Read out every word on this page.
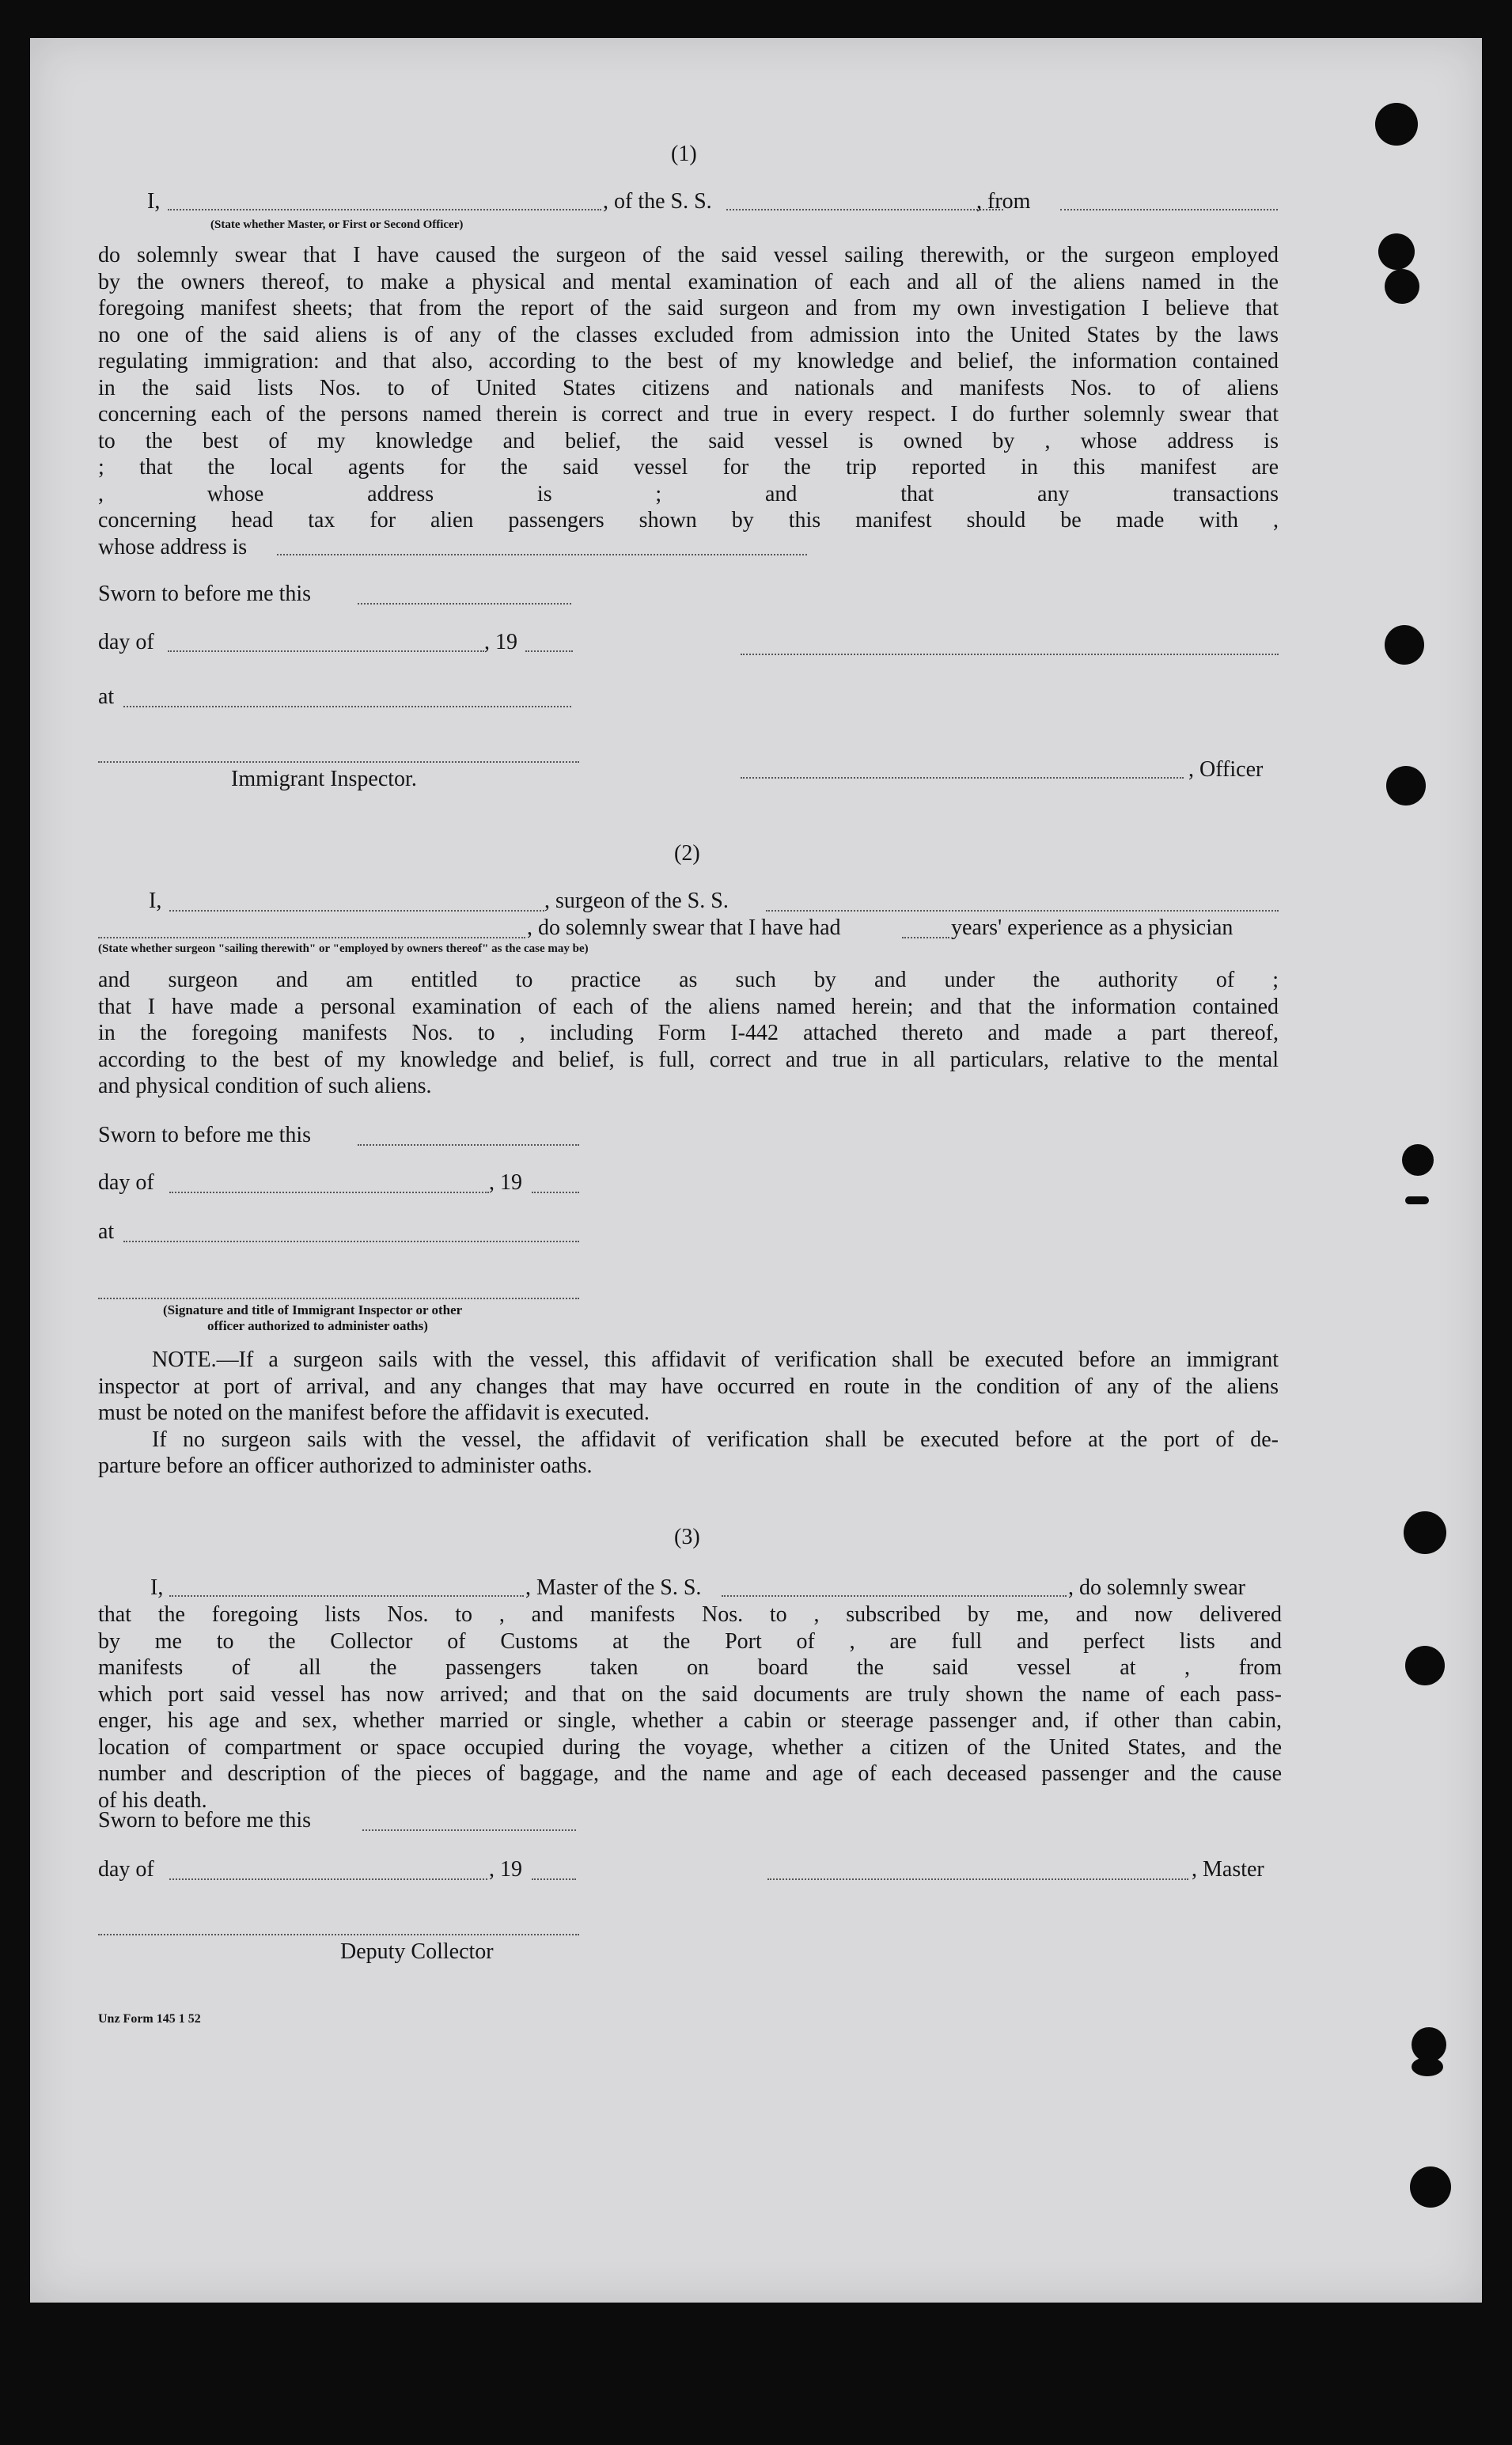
(1)
I,	, of the S. S.	, from
(State whether Master, or First or Second Officer)
do solemnly swear that I have caused the surgeon of the said vessel sailing therewith, or the surgeon employed
by the owners thereof, to make a physical and mental examination of each and all of the aliens named in the
foregoing manifest sheets; that from the report of the said surgeon and from my own investigation I believe that
no one of the said aliens is of any of the classes excluded from admission into the United States by the laws
regulating immigration: and that also, according to the best of my knowledge and belief, the information contained
in the said lists Nos. to of United States citizens and nationals and manifests Nos. to of aliens
concerning each of the persons named therein is correct and true in every respect. I do further solemnly swear that
to the best of my knowledge and belief, the said vessel is owned by , whose address is
; that the local agents for the said vessel for the trip reported in this manifest are
, whose address is ; and that any transactions
concerning head tax for alien passengers shown by this manifest should be made with ,
whose address is
Sworn to before me this
day of	, 19
at
Immigrant Inspector.	, Officer
(2)
I,	, surgeon of the S. S.
, do solemnly swear that I have had	years' experience as a physician
(State whether surgeon "sailing therewith" or "employed by owners thereof" as the case may be)
and surgeon and am entitled to practice as such by and under the authority of ;
that I have made a personal examination of each of the aliens named herein; and that the information contained
in the foregoing manifests Nos. to , including Form I-442 attached thereto and made a part thereof,
according to the best of my knowledge and belief, is full, correct and true in all particulars, relative to the mental
and physical condition of such aliens.
Sworn to before me this
day of	, 19
at
(Signature and title of Immigrant Inspector or other
officer authorized to administer oaths)
NOTE.—If a surgeon sails with the vessel, this affidavit of verification shall be executed before an immigrant
inspector at port of arrival, and any changes that may have occurred en route in the condition of any of the aliens
must be noted on the manifest before the affidavit is executed.
If no surgeon sails with the vessel, the affidavit of verification shall be executed before at the port of de-
parture before an officer authorized to administer oaths.
(3)
I,	, Master of the S. S.	, do solemnly swear
that the foregoing lists Nos. to , and manifests Nos. to , subscribed by me, and now delivered
by me to the Collector of Customs at the Port of , are full and perfect lists and
manifests of all the passengers taken on board the said vessel at , from
which port said vessel has now arrived; and that on the said documents are truly shown the name of each pass-
enger, his age and sex, whether married or single, whether a cabin or steerage passenger and, if other than cabin,
location of compartment or space occupied during the voyage, whether a citizen of the United States, and the
number and description of the pieces of baggage, and the name and age of each deceased passenger and the cause
of his death.
Sworn to before me this
day of	, 19	, Master
Deputy Collector
Unz Form 145 1 52
